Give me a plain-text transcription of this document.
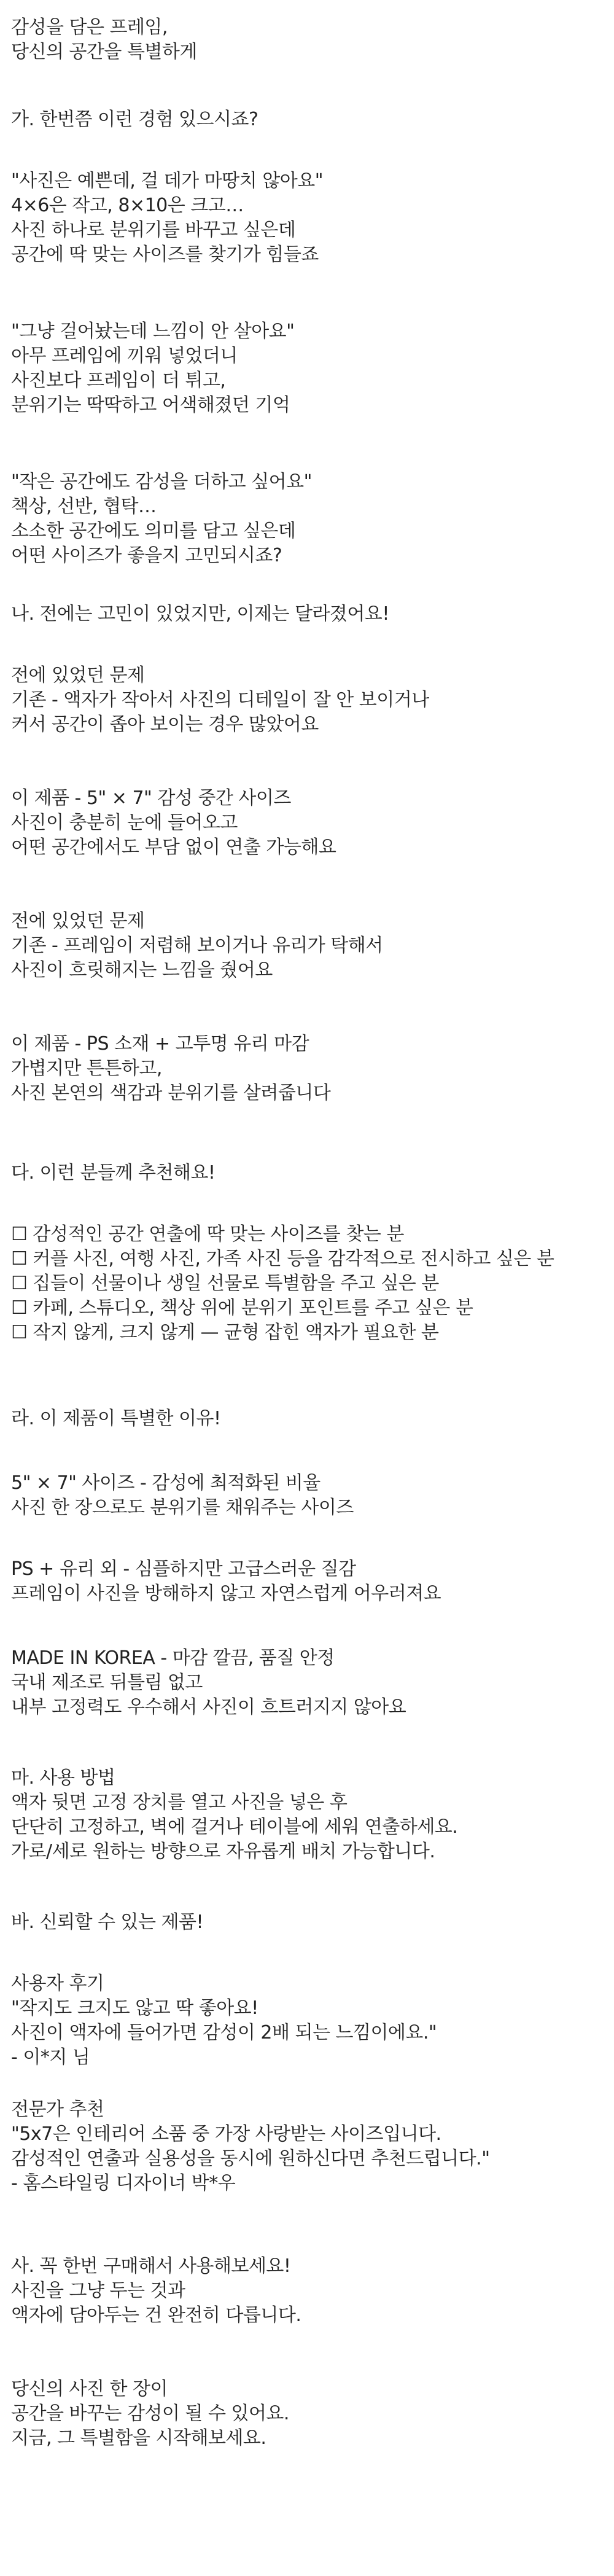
감성을 담은 프레임,

당신의 공간을 특별하게

가. 한번쯤 이런 경험 있으시죠?

"사진은 예쁜데, 걸 데가 마땅치 않아요"

4×6은 작고, 8×10은 크고…

사진 하나로 분위기를 바꾸고 싶은데

공간에 딱 맞는 사이즈를 찾기가 힘들죠

"그냥 걸어놨는데 느낌이 안 살아요"

아무 프레임에 끼워 넣었더니

사진보다 프레임이 더 튀고,

분위기는 딱딱하고 어색해졌던 기억

"작은 공간에도 감성을 더하고 싶어요"

책상, 선반, 협탁…

소소한 공간에도 의미를 담고 싶은데

어떤 사이즈가 좋을지 고민되시죠?

나. 전에는 고민이 있었지만, 이제는 달라졌어요!

전에 있었던 문제

기존 - 액자가 작아서 사진의 디테일이 잘 안 보이거나

커서 공간이 좁아 보이는 경우 많았어요

이 제품 - 5" × 7" 감성 중간 사이즈

사진이 충분히 눈에 들어오고

어떤 공간에서도 부담 없이 연출 가능해요

전에 있었던 문제

기존 - 프레임이 저렴해 보이거나 유리가 탁해서

사진이 흐릿해지는 느낌을 줬어요

이 제품 - PS 소재 + 고투명 유리 마감

가볍지만 튼튼하고,

사진 본연의 색감과 분위기를 살려줍니다

다. 이런 분들께 추천해요!

☐ 감성적인 공간 연출에 딱 맞는 사이즈를 찾는 분

☐ 커플 사진, 여행 사진, 가족 사진 등을 감각적으로 전시하고 싶은 분

☐ 집들이 선물이나 생일 선물로 특별함을 주고 싶은 분

☐ 카페, 스튜디오, 책상 위에 분위기 포인트를 주고 싶은 분

☐ 작지 않게, 크지 않게 — 균형 잡힌 액자가 필요한 분

라. 이 제품이 특별한 이유!

5" × 7" 사이즈 - 감성에 최적화된 비율

사진 한 장으로도 분위기를 채워주는 사이즈

PS + 유리 외 - 심플하지만 고급스러운 질감

프레임이 사진을 방해하지 않고 자연스럽게 어우러져요

MADE IN KOREA - 마감 깔끔, 품질 안정

국내 제조로 뒤틀림 없고

내부 고정력도 우수해서 사진이 흐트러지지 않아요

마. 사용 방법

액자 뒷면 고정 장치를 열고 사진을 넣은 후

단단히 고정하고, 벽에 걸거나 테이블에 세워 연출하세요.

가로/세로 원하는 방향으로 자유롭게 배치 가능합니다.

바. 신뢰할 수 있는 제품!

사용자 후기

"작지도 크지도 않고 딱 좋아요!

사진이 액자에 들어가면 감성이 2배 되는 느낌이에요."

- 이*지 님

전문가 추천

"5x7은 인테리어 소품 중 가장 사랑받는 사이즈입니다.

감성적인 연출과 실용성을 동시에 원하신다면 추천드립니다."

- 홈스타일링 디자이너 박*우

사. 꼭 한번 구매해서 사용해보세요!

사진을 그냥 두는 것과

액자에 담아두는 건 완전히 다릅니다.

당신의 사진 한 장이

공간을 바꾸는 감성이 될 수 있어요.

지금, 그 특별함을 시작해보세요.
